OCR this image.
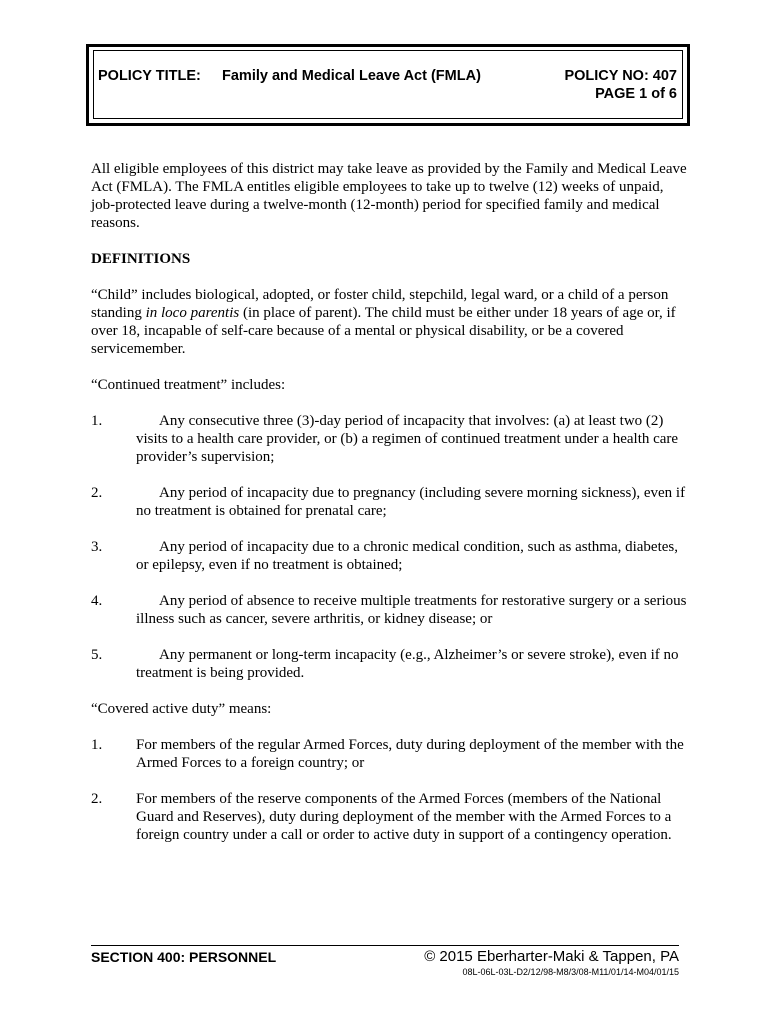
POLICY TITLE: Family and Medical Leave Act (FMLA)	POLICY NO: 407
PAGE 1 of 6

All eligible employees of this district may take leave as provided by the Family and Medical Leave Act (FMLA). The FMLA entitles eligible employees to take up to twelve (12) weeks of unpaid, job-protected leave during a twelve-month (12-month) period for specified family and medical reasons.

DEFINITIONS

“Child” includes biological, adopted, or foster child, stepchild, legal ward, or a child of a person standing in loco parentis (in place of parent). The child must be either under 18 years of age or, if over 18, incapable of self-care because of a mental or physical disability, or be a covered servicemember.

“Continued treatment” includes:

1.	Any consecutive three (3)-day period of incapacity that involves: (a) at least two (2) visits to a health care provider, or (b) a regimen of continued treatment under a health care provider’s supervision;

2.	Any period of incapacity due to pregnancy (including severe morning sickness), even if no treatment is obtained for prenatal care;

3.	Any period of incapacity due to a chronic medical condition, such as asthma, diabetes, or epilepsy, even if no treatment is obtained;

4.	Any period of absence to receive multiple treatments for restorative surgery or a serious illness such as cancer, severe arthritis, or kidney disease; or

5.	Any permanent or long-term incapacity (e.g., Alzheimer’s or severe stroke), even if no treatment is being provided.

“Covered active duty” means:

1. For members of the regular Armed Forces, duty during deployment of the member with the Armed Forces to a foreign country; or

2. For members of the reserve components of the Armed Forces (members of the National Guard and Reserves), duty during deployment of the member with the Armed Forces to a foreign country under a call or order to active duty in support of a contingency operation.

SECTION 400: PERSONNEL	© 2015 Eberharter-Maki & Tappen, PA
08L-06L-03L-D2/12/98-M8/3/08-M11/01/14-M04/01/15
